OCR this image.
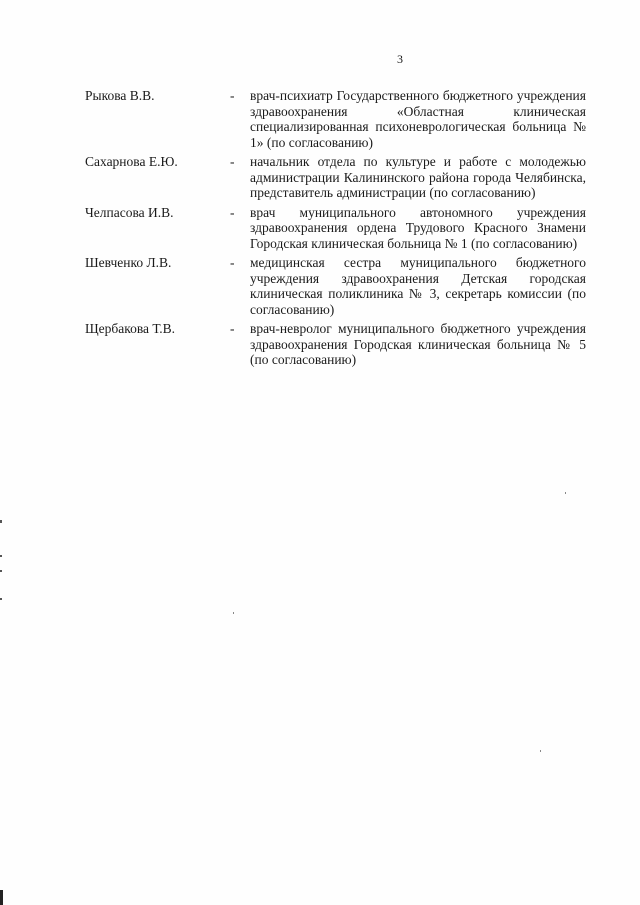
3
Рыкова В.В.	-	врач-психиатр Государственного бюджетного учреждения здравоохранения «Областная клиническая специализированная психоневрологическая больница № 1» (по согласованию)
Сахарнова Е.Ю.	-	начальник отдела по культуре и работе с молодежью администрации Калининского района города Челябинска, представитель администрации (по согласованию)
Челпасова И.В.	-	врач муниципального автономного учреждения здравоохранения ордена Трудового Красного Знамени Городская клиническая больница № 1 (по согласованию)
Шевченко Л.В.	-	медицинская сестра муниципального бюджетного учреждения здравоохранения Детская городская клиническая поликлиника № 3, секретарь комиссии (по согласованию)
Щербакова Т.В.	-	врач-невролог муниципального бюджетного учреждения здравоохранения Городская клиническая больница № 5 (по согласованию)
